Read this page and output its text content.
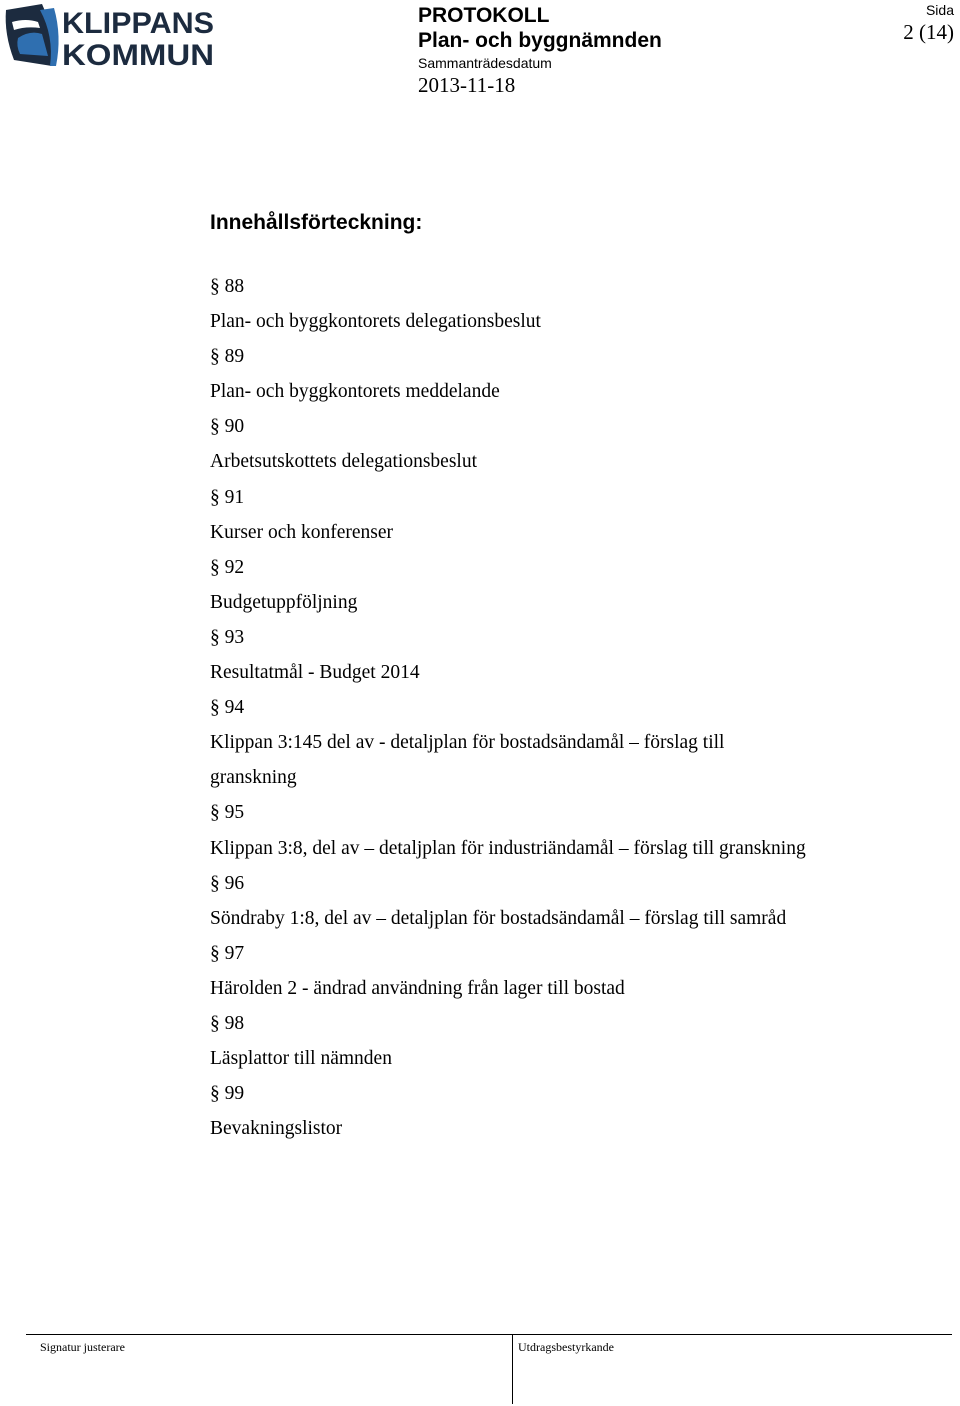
KLIPPANS
KOMMUN
PROTOKOLL
Plan- och byggnämnden
Sammanträdesdatum
2013-11-18
Sida
2 (14)
Innehållsförteckning:

§ 88

Plan- och byggkontorets delegationsbeslut

§ 89

Plan- och byggkontorets meddelande

§ 90

Arbetsutskottets delegationsbeslut

§ 91

Kurser och konferenser

§ 92

Budgetuppföljning

§ 93

Resultatmål - Budget 2014

§ 94

Klippan 3:145 del av - detaljplan för bostadsändamål – förslag till granskning

§ 95

Klippan 3:8, del av – detaljplan för industriändamål – förslag till granskning

§ 96

Söndraby 1:8, del av – detaljplan för bostadsändamål – förslag till samråd

§ 97

Härolden 2 - ändrad användning från lager till bostad

§ 98

Läsplattor till nämnden

§ 99

Bevakningslistor

Signatur justerare	Utdragsbestyrkande
